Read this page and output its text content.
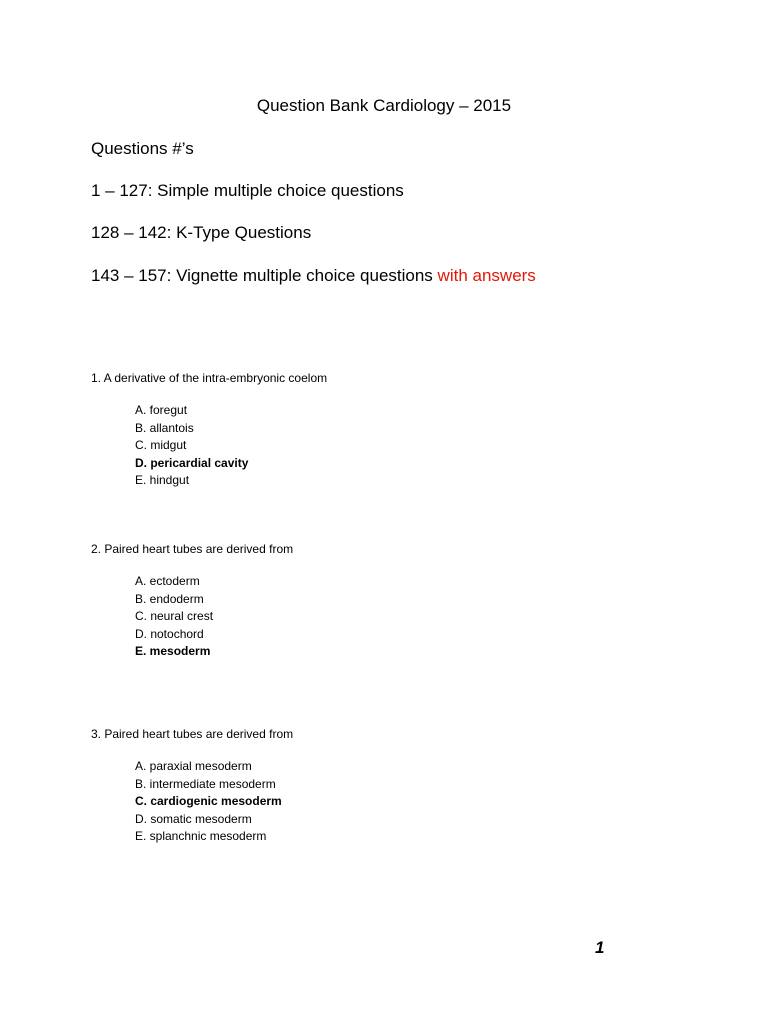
Question Bank Cardiology – 2015
Questions #’s
1 – 127: Simple multiple choice questions
128 – 142: K-Type Questions
143 – 157: Vignette multiple choice questions with answers
1. A derivative of the intra-embryonic coelom
A. foregut
B. allantois
C. midgut
D. pericardial cavity
E. hindgut
2. Paired heart tubes are derived from
A. ectoderm
B. endoderm
C. neural crest
D. notochord
E. mesoderm
3. Paired heart tubes are derived from
A. paraxial mesoderm
B. intermediate mesoderm
C. cardiogenic mesoderm
D. somatic mesoderm
E. splanchnic mesoderm
1
